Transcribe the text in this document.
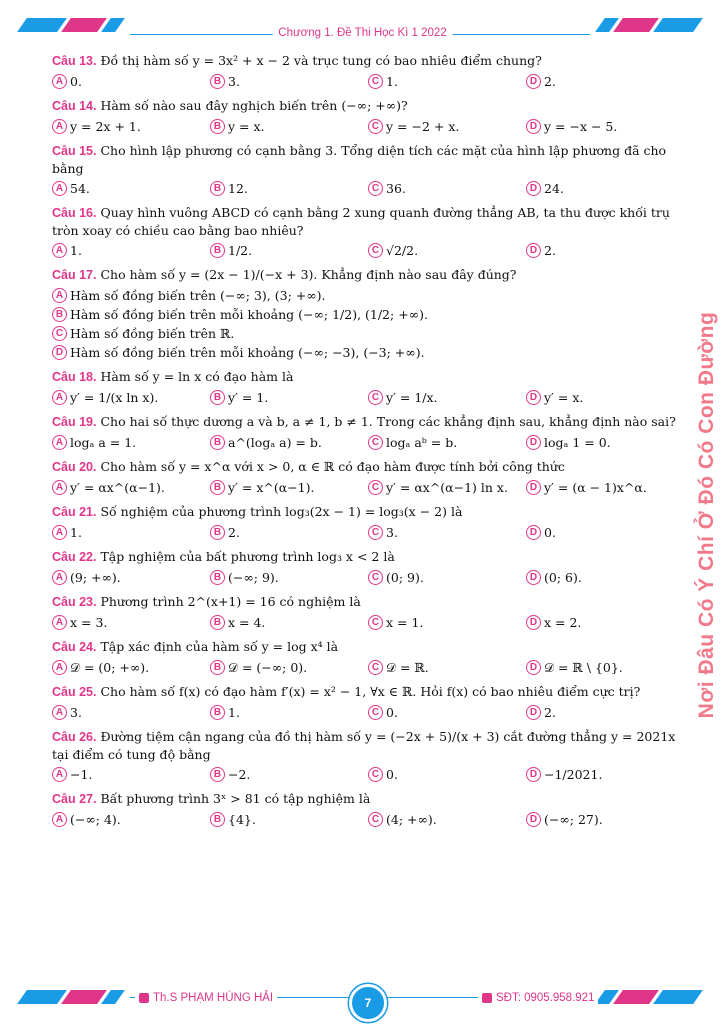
Chương 1. Đề Thi Học Kì 1 2022
Nơi Đâu Có Ý Chí Ở Đó Có Con Đường
Câu 13. Đồ thị hàm số y = 3x² + x − 2 và trục tung có bao nhiêu điểm chung?
A 0.	B 3.	C 1.	D 2.
Câu 14. Hàm số nào sau đây nghịch biến trên (−∞; +∞)?
A y = 2x + 1.	B y = x.	C y = −2 + x.	D y = −x − 5.
Câu 15. Cho hình lập phương có cạnh bằng 3. Tổng diện tích các mặt của hình lập phương đã cho bằng
A 54.	B 12.	C 36.	D 24.
Câu 16. Quay hình vuông ABCD có cạnh bằng 2 xung quanh đường thẳng AB, ta thu được khối trụ tròn xoay có chiều cao bằng bao nhiêu?
A 1.	B 1/2.	C √2/2.	D 2.
Câu 17. Cho hàm số y = (2x − 1)/(−x + 3). Khẳng định nào sau đây đúng?
A Hàm số đồng biến trên (−∞; 3), (3; +∞).
B Hàm số đồng biến trên mỗi khoảng (−∞; 1/2), (1/2; +∞).
C Hàm số đồng biến trên ℝ.
D Hàm số đồng biến trên mỗi khoảng (−∞; −3), (−3; +∞).
Câu 18. Hàm số y = ln x có đạo hàm là
A y′ = 1/(x ln x).	B y′ = 1.	C y′ = 1/x.	D y′ = x.
Câu 19. Cho hai số thực dương a và b, a ≠ 1, b ≠ 1. Trong các khẳng định sau, khẳng định nào sai?
A logₐ a = 1.	B a^(logₐ a) = b.	C logₐ aᵇ = b.	D logₐ 1 = 0.
Câu 20. Cho hàm số y = x^α với x > 0, α ∈ ℝ có đạo hàm được tính bởi công thức
A y′ = αx^(α−1).	B y′ = x^(α−1).	C y′ = αx^(α−1) ln x.	D y′ = (α − 1)x^α.
Câu 21. Số nghiệm của phương trình log₃(2x − 1) = log₃(x − 2) là
A 1.	B 2.	C 3.	D 0.
Câu 22. Tập nghiệm của bất phương trình log₃ x < 2 là
A (9; +∞).	B (−∞; 9).	C (0; 9).	D (0; 6).
Câu 23. Phương trình 2^(x+1) = 16 có nghiệm là
A x = 3.	B x = 4.	C x = 1.	D x = 2.
Câu 24. Tập xác định của hàm số y = log x⁴ là
A 𝒟 = (0; +∞).	B 𝒟 = (−∞; 0).	C 𝒟 = ℝ.	D 𝒟 = ℝ \ {0}.
Câu 25. Cho hàm số f(x) có đạo hàm f′(x) = x² − 1, ∀x ∈ ℝ. Hỏi f(x) có bao nhiêu điểm cực trị?
A 3.	B 1.	C 0.	D 2.
Câu 26. Đường tiệm cận ngang của đồ thị hàm số y = (−2x + 5)/(x + 3) cắt đường thẳng y = 2021x tại điểm có tung độ bằng
A −1.	B −2.	C 0.	D −1/2021.
Câu 27. Bất phương trình 3ˣ > 81 có tập nghiệm là
A (−∞; 4).	B {4}.	C (4; +∞).	D (−∞; 27).
Th.S PHẠM HÙNG HẢI	7	SĐT: 0905.958.921
